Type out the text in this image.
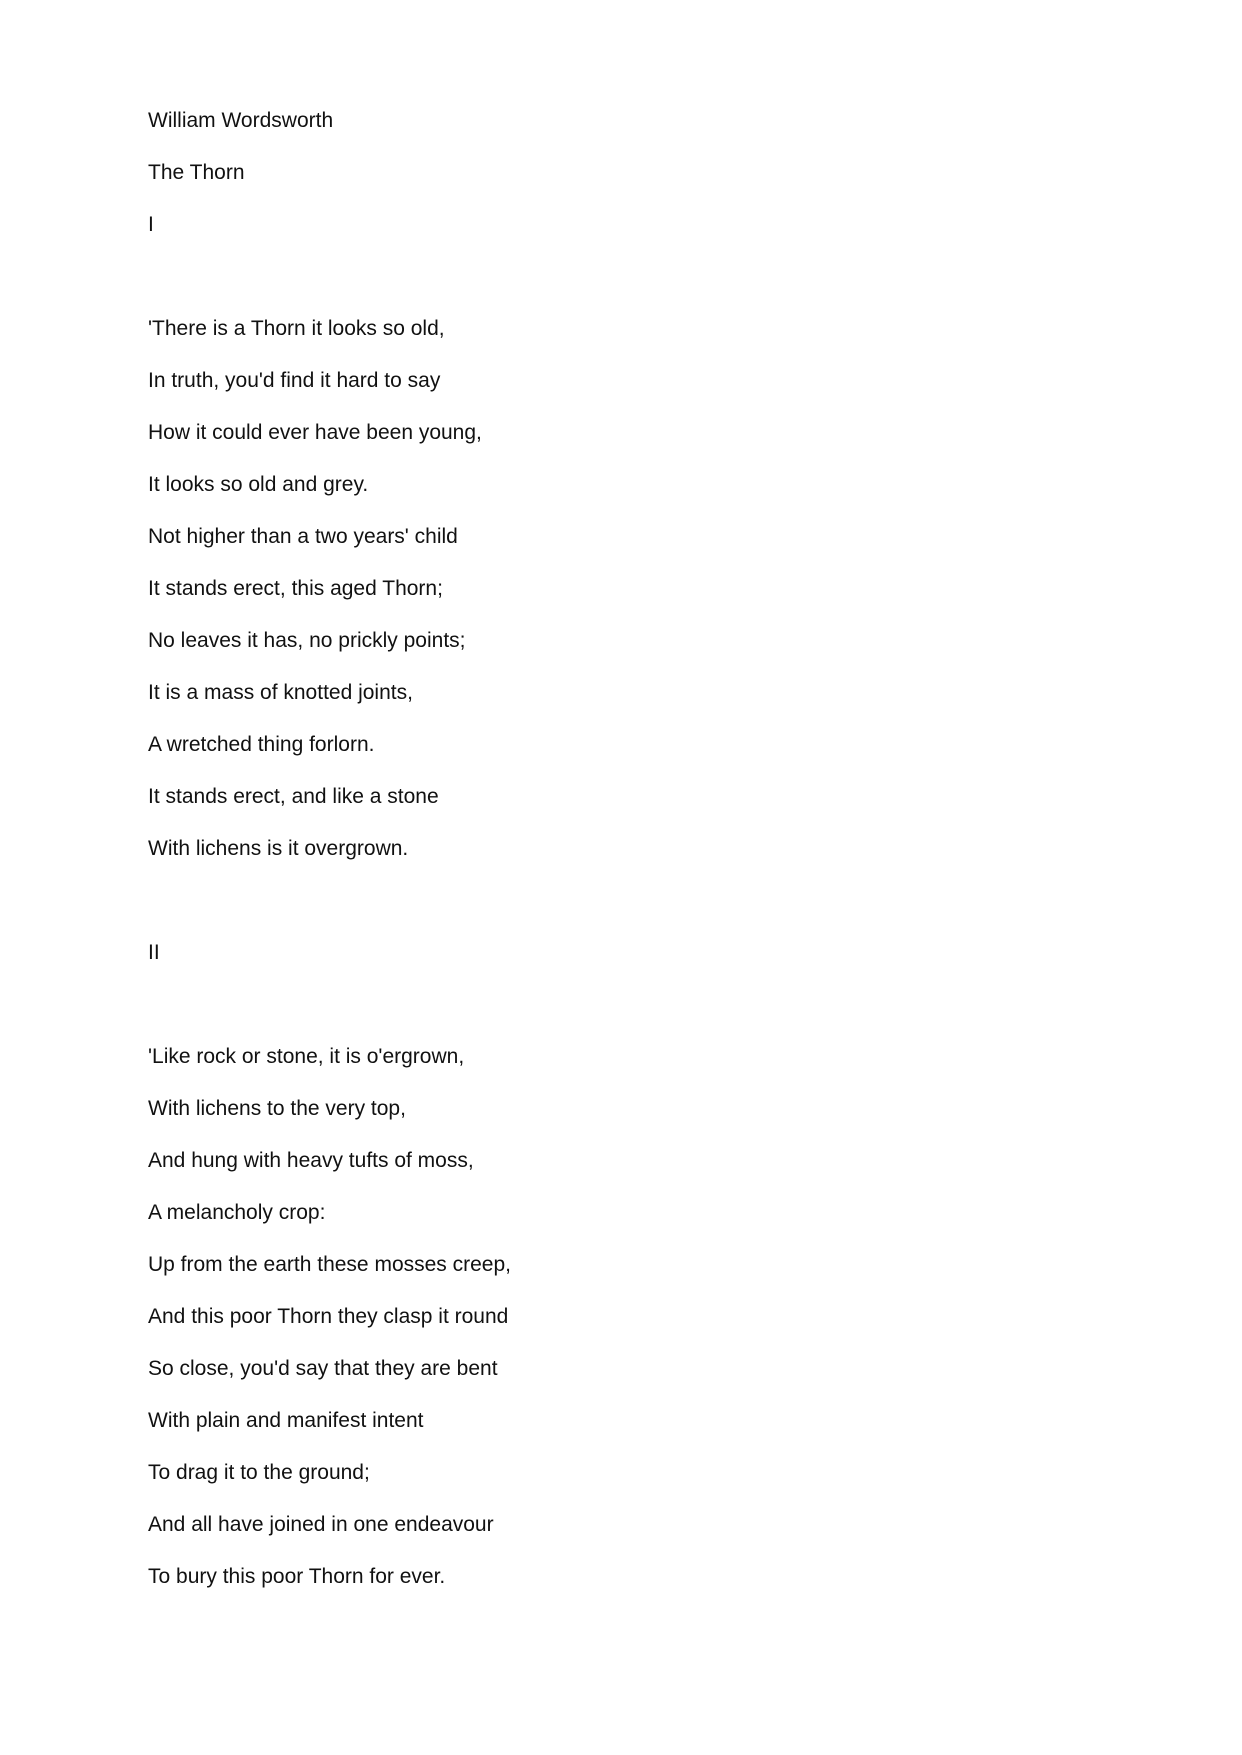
William Wordsworth
The Thorn
I
'There is a Thorn it looks so old,
In truth, you'd find it hard to say
How it could ever have been young,
It looks so old and grey.
Not higher than a two years' child
It stands erect, this aged Thorn;
No leaves it has, no prickly points;
It is a mass of knotted joints,
A wretched thing forlorn.
It stands erect, and like a stone
With lichens is it overgrown.
II
'Like rock or stone, it is o'ergrown,
With lichens to the very top,
And hung with heavy tufts of moss,
A melancholy crop:
Up from the earth these mosses creep,
And this poor Thorn they clasp it round
So close, you'd say that they are bent
With plain and manifest intent
To drag it to the ground;
And all have joined in one endeavour
To bury this poor Thorn for ever.
